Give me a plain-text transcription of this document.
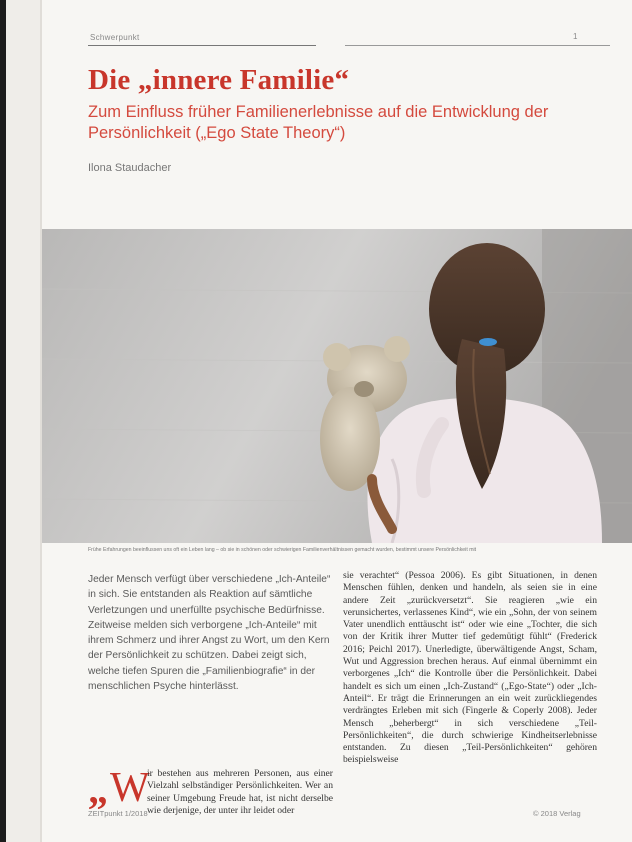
Schwerpunkt	1
Die „innere Familie“
Zum Einfluss früher Familienerlebnisse auf die Entwicklung der Persönlichkeit („Ego State Theory“)
Ilona Staudacher
Frühe Erfahrungen beeinflussen uns oft ein Leben lang – ob sie in schönen oder schwierigen Familienverhältnissen gemacht wurden, bestimmt unsere Persönlichkeit mit

Jeder Mensch verfügt über verschiedene „Ich-Anteile“ in sich. Sie entstanden als Reaktion auf sämtliche Verletzungen und unerfüllte psychische Bedürfnisse. Zeitweise melden sich verborgene „Ich-Anteile“ mit ihrem Schmerz und ihrer Angst zu Wort, um den Kern der Persönlichkeit zu schützen. Dabei zeigt sich, welche tiefen Spuren die „Familienbiografie“ in der menschlichen Psyche hinterlässt.

„ W

ir bestehen aus mehreren Personen, aus einer Vielzahl selbständiger Persönlichkeiten. Wer an seiner Umgebung Freude hat, ist nicht derselbe wie derjenige, der unter ihr leidet oder

sie verachtet“ (Pessoa 2006). Es gibt Situationen, in denen Menschen fühlen, denken und handeln, als seien sie in eine andere Zeit „zurückversetzt“. Sie reagieren „wie ein verunsichertes, verlassenes Kind“, wie ein „Sohn, der von seinem Vater unendlich enttäuscht ist“ oder wie eine „Tochter, die sich von der Kritik ihrer Mutter tief gedemütigt fühlt“ (Frederick 2016; Peichl 2017). Unerledigte, überwältigende Angst, Scham, Wut und Aggression brechen heraus. Auf einmal übernimmt ein verborgenes „Ich“ die Kontrolle über die Persönlichkeit. Dabei handelt es sich um einen „Ich-Zustand“ („Ego-State“) oder „Ich-Anteil“. Er trägt die Erinnerungen an ein weit zurückliegendes verdrängtes Erleben mit sich (Fingerle & Coperly 2008). Jeder Mensch „beherbergt“ in sich verschiedene „Teil-Persönlichkeiten“, die durch schwierige Kindheitserlebnisse entstanden. Zu diesen „Teil-Persönlichkeiten“ gehören beispielsweise

ZEITpunkt 1/2018	© 2018 Verlag
